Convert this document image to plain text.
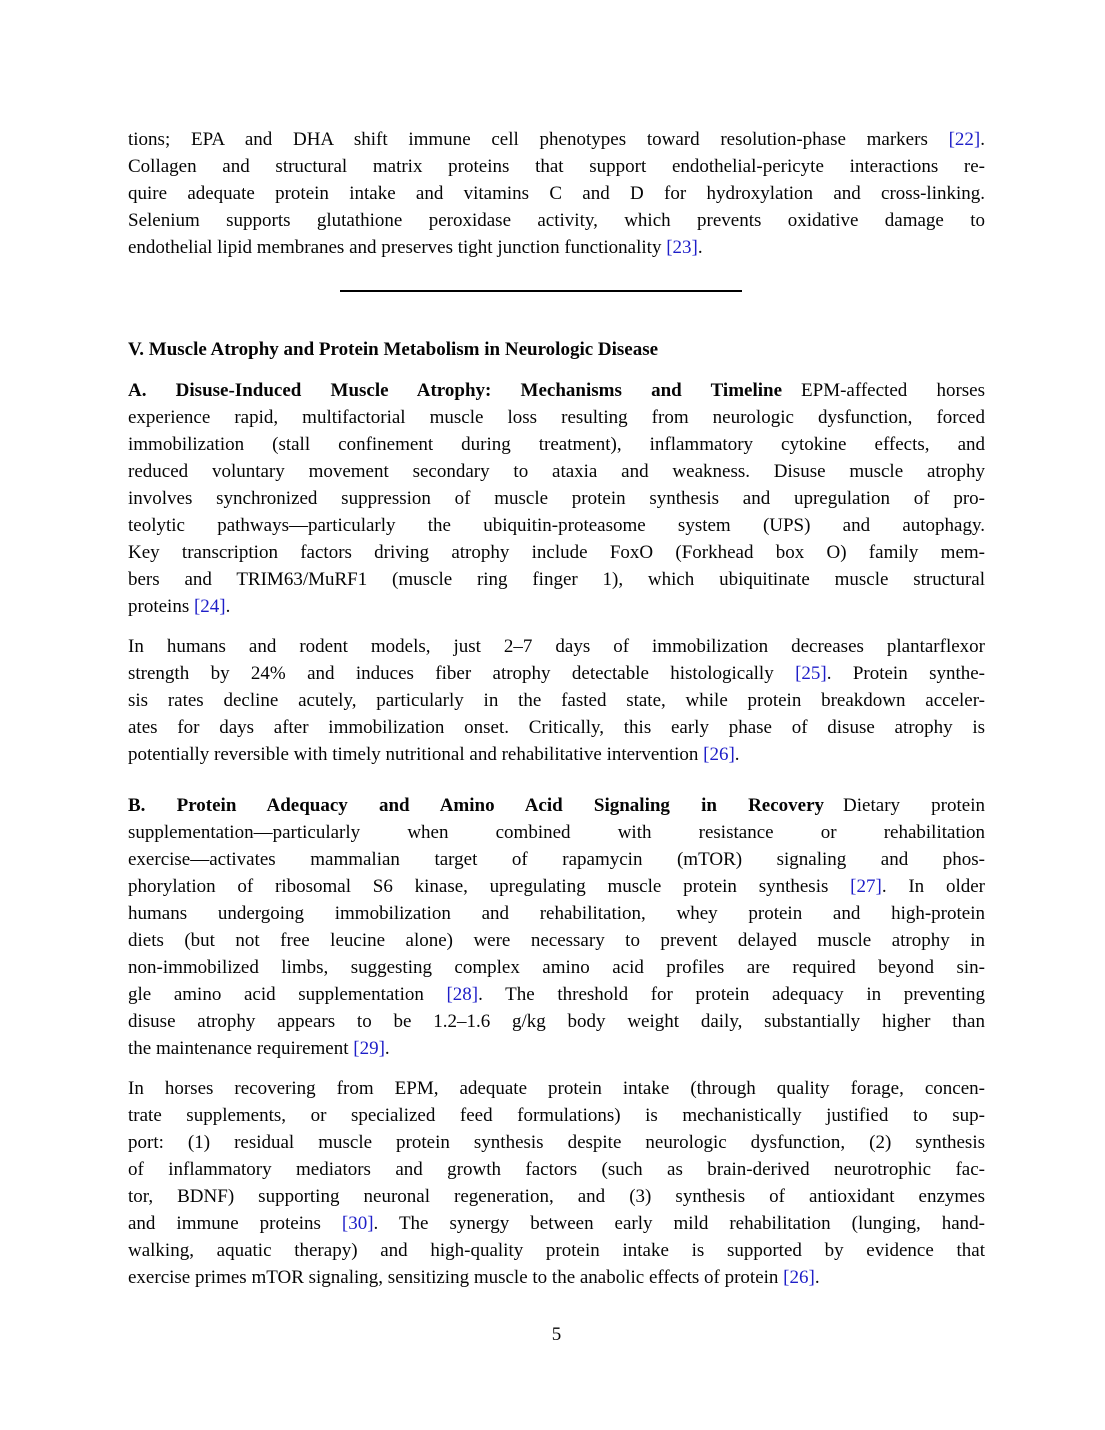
tions; EPA and DHA shift immune cell phenotypes toward resolution-phase markers [22].
Collagen and structural matrix proteins that support endothelial-pericyte interactions re-
quire adequate protein intake and vitamins C and D for hydroxylation and cross-linking.
Selenium supports glutathione peroxidase activity, which prevents oxidative damage to
endothelial lipid membranes and preserves tight junction functionality [23].
V. Muscle Atrophy and Protein Metabolism in Neurologic Disease
A. Disuse-Induced Muscle Atrophy: Mechanisms and Timeline EPM-affected horses
experience rapid, multifactorial muscle loss resulting from neurologic dysfunction, forced
immobilization (stall confinement during treatment), inflammatory cytokine effects, and
reduced voluntary movement secondary to ataxia and weakness. Disuse muscle atrophy
involves synchronized suppression of muscle protein synthesis and upregulation of pro-
teolytic pathways—particularly the ubiquitin-proteasome system (UPS) and autophagy.
Key transcription factors driving atrophy include FoxO (Forkhead box O) family mem-
bers and TRIM63/MuRF1 (muscle ring finger 1), which ubiquitinate muscle structural
proteins [24].
In humans and rodent models, just 2–7 days of immobilization decreases plantarflexor
strength by 24% and induces fiber atrophy detectable histologically [25]. Protein synthe-
sis rates decline acutely, particularly in the fasted state, while protein breakdown acceler-
ates for days after immobilization onset. Critically, this early phase of disuse atrophy is
potentially reversible with timely nutritional and rehabilitative intervention [26].
B. Protein Adequacy and Amino Acid Signaling in Recovery Dietary protein
supplementation—particularly when combined with resistance or rehabilitation
exercise—activates mammalian target of rapamycin (mTOR) signaling and phos-
phorylation of ribosomal S6 kinase, upregulating muscle protein synthesis [27]. In older
humans undergoing immobilization and rehabilitation, whey protein and high-protein
diets (but not free leucine alone) were necessary to prevent delayed muscle atrophy in
non-immobilized limbs, suggesting complex amino acid profiles are required beyond sin-
gle amino acid supplementation [28]. The threshold for protein adequacy in preventing
disuse atrophy appears to be 1.2–1.6 g/kg body weight daily, substantially higher than
the maintenance requirement [29].
In horses recovering from EPM, adequate protein intake (through quality forage, concen-
trate supplements, or specialized feed formulations) is mechanistically justified to sup-
port: (1) residual muscle protein synthesis despite neurologic dysfunction, (2) synthesis
of inflammatory mediators and growth factors (such as brain-derived neurotrophic fac-
tor, BDNF) supporting neuronal regeneration, and (3) synthesis of antioxidant enzymes
and immune proteins [30]. The synergy between early mild rehabilitation (lunging, hand-
walking, aquatic therapy) and high-quality protein intake is supported by evidence that
exercise primes mTOR signaling, sensitizing muscle to the anabolic effects of protein [26].
5
